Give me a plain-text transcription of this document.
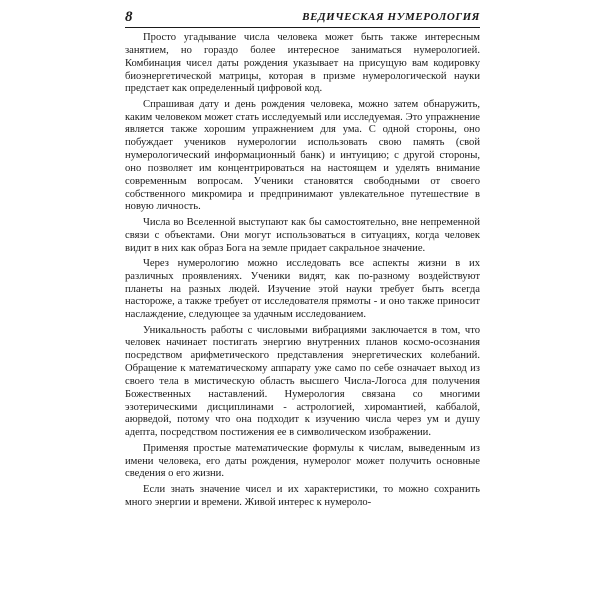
8	ВЕДИЧЕСКАЯ НУМЕРОЛОГИЯ

Просто угадывание числа человека может быть также интересным занятием, но гораздо более интересное заниматься нумерологией. Комбинация чисел даты рождения указывает на присущую вам кодировку биоэнергетической матрицы, которая в призме нумерологической науки предстает как определенный цифровой код.

Спрашивая дату и день рождения человека, можно затем обнаружить, каким человеком может стать исследуемый или исследуемая. Это упражнение является также хорошим упражнением для ума. С одной стороны, оно побуждает учеников нумерологии использовать свою память (свой нумерологический информационный банк) и интуицию; с другой стороны, оно позволяет им концентрироваться на настоящем и уделять внимание современным вопросам. Ученики становятся свободными от своего собственного микромира и предпринимают увлекательное путешествие в новую личность.

Числа во Вселенной выступают как бы самостоятельно, вне непременной связи с объектами. Они могут использоваться в ситуациях, когда человек видит в них как образ Бога на земле придает сакральное значение.

Через нумерологию можно исследовать все аспекты жизни в их различных проявлениях. Ученики видят, как по-разному воздействуют планеты на разных людей. Изучение этой науки требует быть всегда настороже, а также требует от исследователя прямоты - и оно также приносит наслаждение, следующее за удачным исследованием.

Уникальность работы с числовыми вибрациями заключается в том, что человек начинает постигать энергию внутренних планов космо-осознания посредством арифметического представления энергетических колебаний. Обращение к математическому аппарату уже само по себе означает выход из своего тела в мистическую область высшего Числа-Логоса для получения Божественных наставлений. Нумерология связана со многими эзотерическими дисциплинами - астрологией, хиромантией, каббалой, аюрведой, потому что она подходит к изучению числа через ум и душу адепта, посредством постижения ее в символическом изображении.

Применяя простые математические формулы к числам, выведенным из имени человека, его даты рождения, нумеролог может получить основные сведения о его жизни.

Если знать значение чисел и их характеристики, то можно сохранить много энергии и времени. Живой интерес к нумероло-
